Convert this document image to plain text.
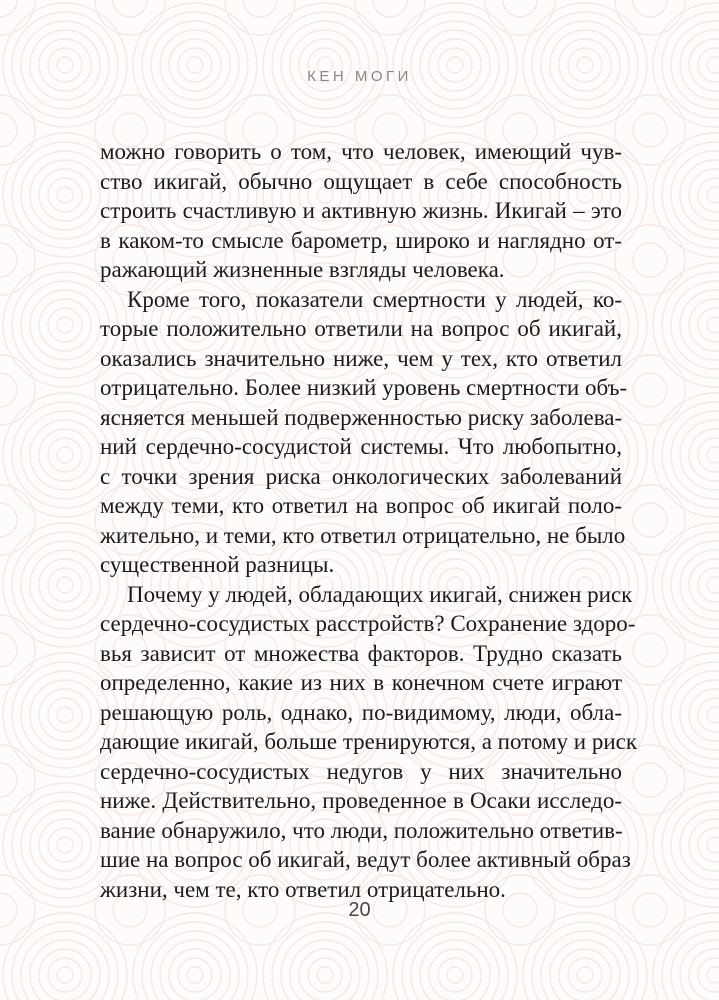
КЕН МОГИ
можно говорить о том, что человек, имеющий чув-
ство икигай, обычно ощущает в себе способность
строить счастливую и активную жизнь. Икигай – это
в каком-то смысле барометр, широко и наглядно от-
ражающий жизненные взгляды человека.
Кроме того, показатели смертности у людей, ко-
торые положительно ответили на вопрос об икигай,
оказались значительно ниже, чем у тех, кто ответил
отрицательно. Более низкий уровень смертности объ-
ясняется меньшей подверженностью риску заболева-
ний сердечно-сосудистой системы. Что любопытно,
с точки зрения риска онкологических заболеваний
между теми, кто ответил на вопрос об икигай поло-
жительно, и теми, кто ответил отрицательно, не было
существенной разницы.
Почему у людей, обладающих икигай, снижен риск
сердечно-сосудистых расстройств? Сохранение здоро-
вья зависит от множества факторов. Трудно сказать
определенно, какие из них в конечном счете играют
решающую роль, однако, по-видимому, люди, обла-
дающие икигай, больше тренируются, а потому и риск
сердечно-сосудистых недугов у них значительно
ниже. Действительно, проведенное в Осаки исследо-
вание обнаружило, что люди, положительно ответив-
шие на вопрос об икигай, ведут более активный образ
жизни, чем те, кто ответил отрицательно.
20
